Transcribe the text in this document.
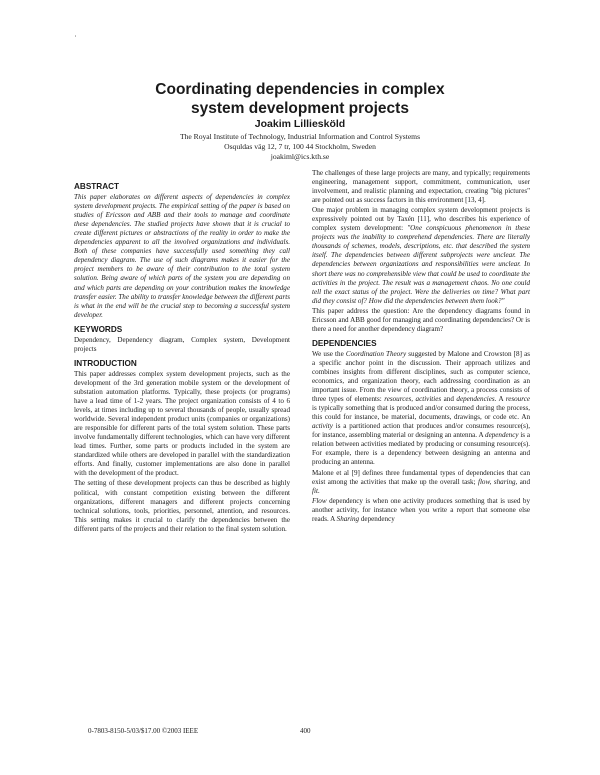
ʼ
Coordinating dependencies in complex
system development projects
Joakim Lilliesköld
The Royal Institute of Technology, Industrial Information and Control Systems
Osquldas väg 12, 7 tr, 100 44 Stockholm, Sweden
joakiml@ics.kth.se
ABSTRACT

This paper elaborates on different aspects of dependencies in complex system development projects. The empirical setting of the paper is based on studies of Ericsson and ABB and their tools to manage and coordinate these dependencies. The studied projects have shown that it is crucial to create different pictures or abstractions of the reality in order to make the dependencies apparent to all the involved organizations and individuals. Both of these companies have successfully used something they call dependency diagram. The use of such diagrams makes it easier for the project members to be aware of their contribution to the total system solution. Being aware of which parts of the system you are depending on and which parts are depending on your contribution makes the knowledge transfer easier. The ability to transfer knowledge between the different parts is what in the end will be the crucial step to becoming a successful system developer.

KEYWORDS

Dependency, Dependency diagram, Complex system, Development projects

INTRODUCTION

This paper addresses complex system development projects, such as the development of the 3rd generation mobile system or the development of substation automation platforms. Typically, these projects (or programs) have a lead time of 1-2 years. The project organization consists of 4 to 6 levels, at times including up to several thousands of people, usually spread worldwide. Several independent product units (companies or organizations) are responsible for different parts of the total system solution. These parts involve fundamentally different technologies, which can have very different lead times. Further, some parts or products included in the system are standardized while others are developed in parallel with the standardization efforts. And finally, customer implementations are also done in parallel with the development of the product.

The setting of these development projects can thus be described as highly political, with constant competition existing between the different organizations, different managers and different projects concerning technical solutions, tools, priorities, personnel, attention, and resources. This setting makes it crucial to clarify the dependencies between the different parts of the projects and their relation to the final system solution.

The challenges of these large projects are many, and typically; requirements engineering, management support, commitment, communication, user involvement, and realistic planning and expectation, creating "big pictures" are pointed out as success factors in this environment [13, 4].

One major problem in managing complex system development projects is expressively pointed out by Taxén [11], who describes his experience of complex system development: "One conspicuous phenomenon in these projects was the inability to comprehend dependencies. There are literally thousands of schemes, models, descriptions, etc. that described the system itself. The dependencies between different subprojects were unclear. The dependencies between organizations and responsibilities were unclear. In short there was no comprehensible view that could be used to coordinate the activities in the project. The result was a management chaos. No one could tell the exact status of the project. Were the deliveries on time? What part did they consist of? How did the dependencies between them look?"

This paper address the question: Are the dependency diagrams found in Ericsson and ABB good for managing and coordinating dependencies? Or is there a need for another dependency diagram?

DEPENDENCIES

We use the Coordination Theory suggested by Malone and Crowston [8] as a specific anchor point in the discussion. Their approach utilizes and combines insights from different disciplines, such as computer science, economics, and organization theory, each addressing coordination as an important issue. From the view of coordination theory, a process consists of three types of elements: resources, activities and dependencies. A resource is typically something that is produced and/or consumed during the process, this could for instance, be material, documents, drawings, or code etc. An activity is a partitioned action that produces and/or consumes resource(s), for instance, assembling material or designing an antenna. A dependency is a relation between activities mediated by producing or consuming resource(s). For example, there is a dependency between designing an antenna and producing an antenna.

Malone et al [9] defines three fundamental types of dependencies that can exist among the activities that make up the overall task; flow, sharing, and fit.

Flow dependency is when one activity produces something that is used by another activity, for instance when you write a report that someone else reads. A Sharing dependency

0-7803-8150-5/03/$17.00 ©2003 IEEE	400
